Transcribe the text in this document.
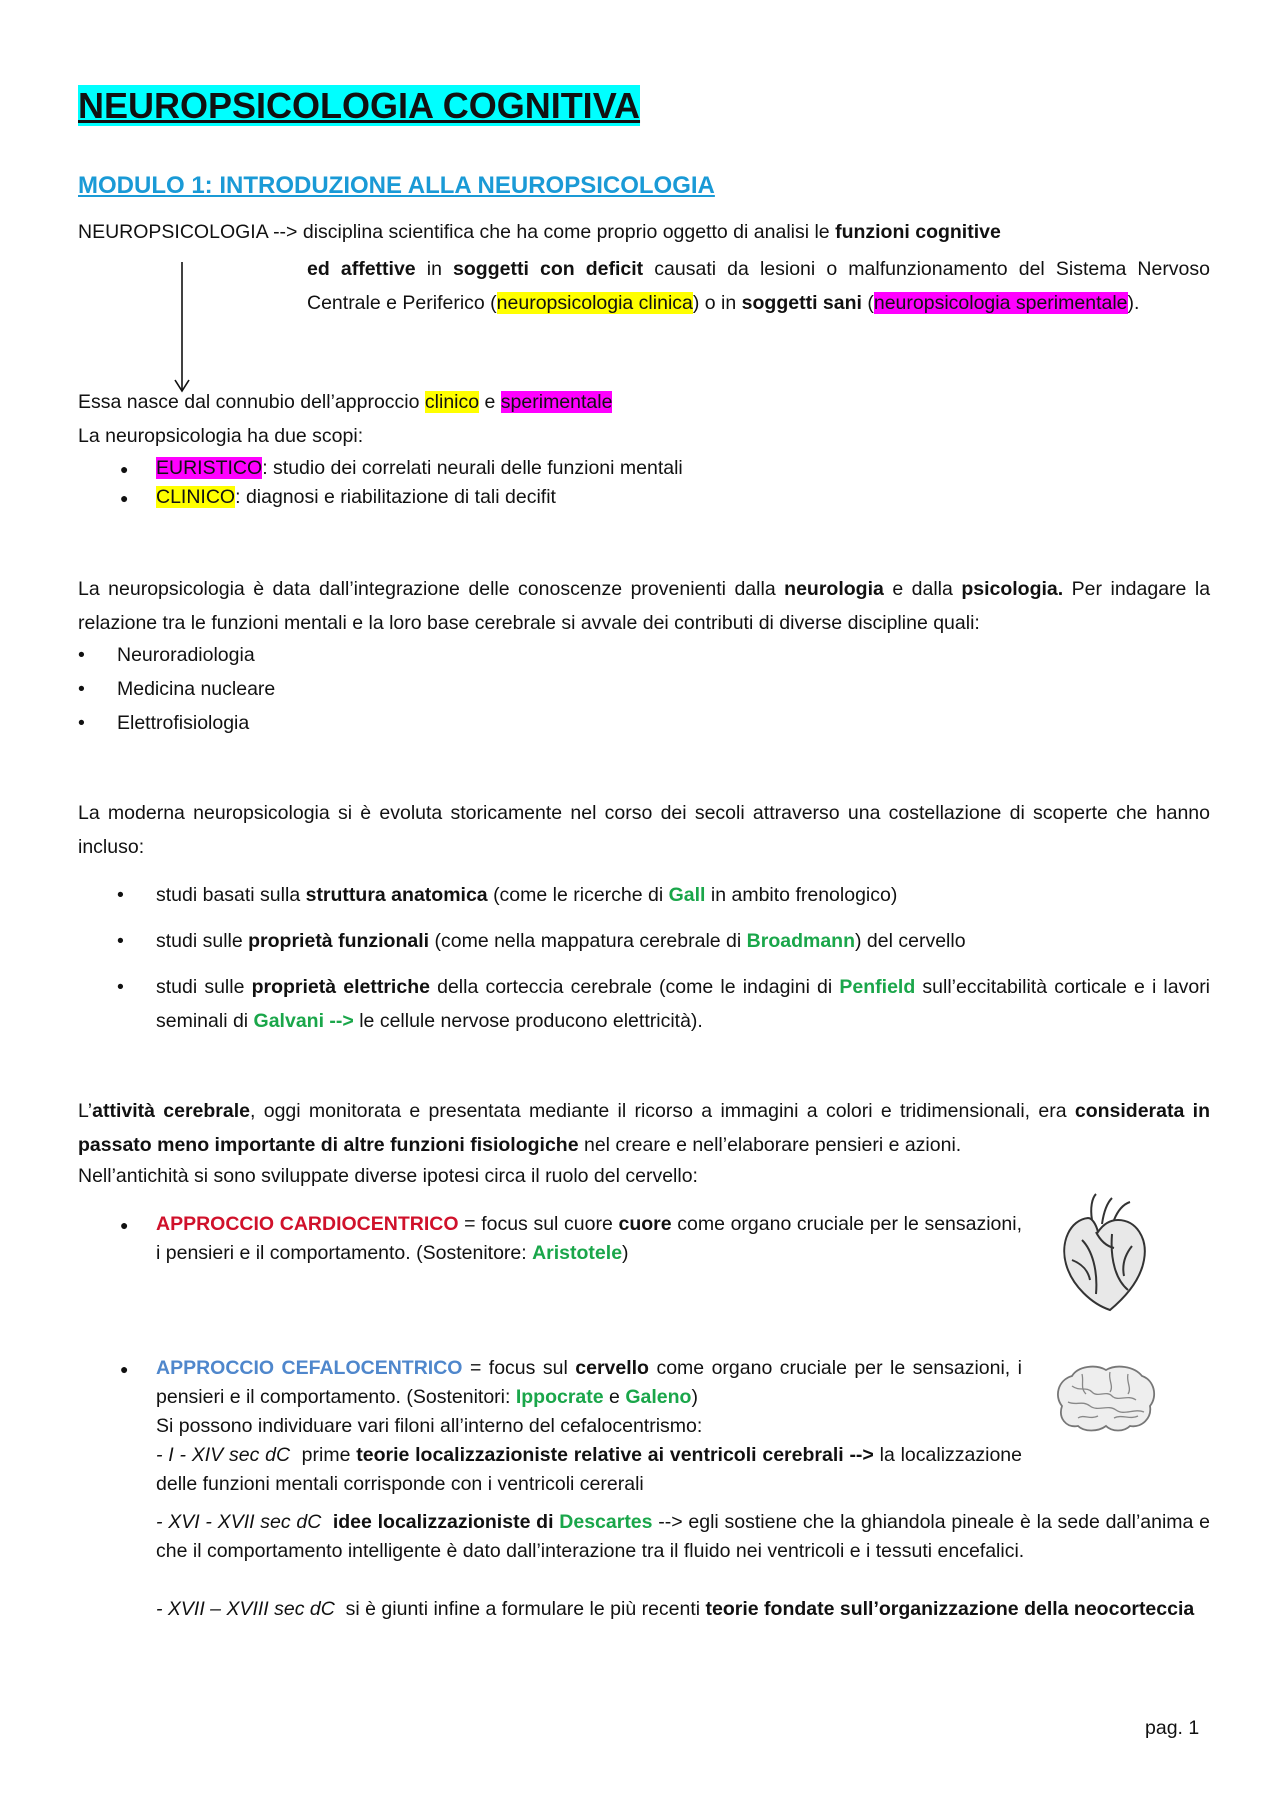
NEUROPSICOLOGIA COGNITIVA
MODULO 1: INTRODUZIONE ALLA NEUROPSICOLOGIA
NEUROPSICOLOGIA --> disciplina scientifica che ha come proprio oggetto di analisi le funzioni cognitive
ed affettive in soggetti con deficit causati da lesioni o malfunzionamento del Sistema Nervoso Centrale e Periferico (neuropsicologia clinica) o in soggetti sani (neuropsicologia sperimentale).
Essa nasce dal connubio dell’approccio clinico e sperimentale
La neuropsicologia ha due scopi:
● EURISTICO: studio dei correlati neurali delle funzioni mentali
● CLINICO: diagnosi e riabilitazione di tali decifit
La neuropsicologia è data dall’integrazione delle conoscenze provenienti dalla neurologia e dalla psicologia. Per indagare la relazione tra le funzioni mentali e la loro base cerebrale si avvale dei contributi di diverse discipline quali:
• Neuroradiologia
• Medicina nucleare
• Elettrofisiologia
La moderna neuropsicologia si è evoluta storicamente nel corso dei secoli attraverso una costellazione di scoperte che hanno incluso:
• studi basati sulla struttura anatomica (come le ricerche di Gall in ambito frenologico)
• studi sulle proprietà funzionali (come nella mappatura cerebrale di Broadmann) del cervello
• studi sulle proprietà elettriche della corteccia cerebrale (come le indagini di Penfield sull’eccitabilità corticale e i lavori seminali di Galvani --> le cellule nervose producono elettricità).
L’attività cerebrale, oggi monitorata e presentata mediante il ricorso a immagini a colori e tridimensionali, era considerata in passato meno importante di altre funzioni fisiologiche nel creare e nell’elaborare pensieri e azioni.
Nell’antichità si sono sviluppate diverse ipotesi circa il ruolo del cervello:
● APPROCCIO CARDIOCENTRICO = focus sul cuore cuore come organo cruciale per le sensazioni, i pensieri e il comportamento. (Sostenitore: Aristotele)
● APPROCCIO CEFALOCENTRICO = focus sul cervello come organo cruciale per le sensazioni, i pensieri e il comportamento. (Sostenitori: Ippocrate e Galeno)
Si possono individuare vari filoni all’interno del cefalocentrismo:
- I - XIV sec dC prime teorie localizzazioniste relative ai ventricoli cerebrali --> la localizzazione delle funzioni mentali corrisponde con i ventricoli cererali
- XVI - XVII sec dC idee localizzazioniste di Descartes --> egli sostiene che la ghiandola pineale è la sede dall’anima e che il comportamento intelligente è dato dall’interazione tra il fluido nei ventricoli e i tessuti encefalici.
- XVII – XVIII sec dC si è giunti infine a formulare le più recenti teorie fondate sull’organizzazione della neocorteccia
pag. 1
